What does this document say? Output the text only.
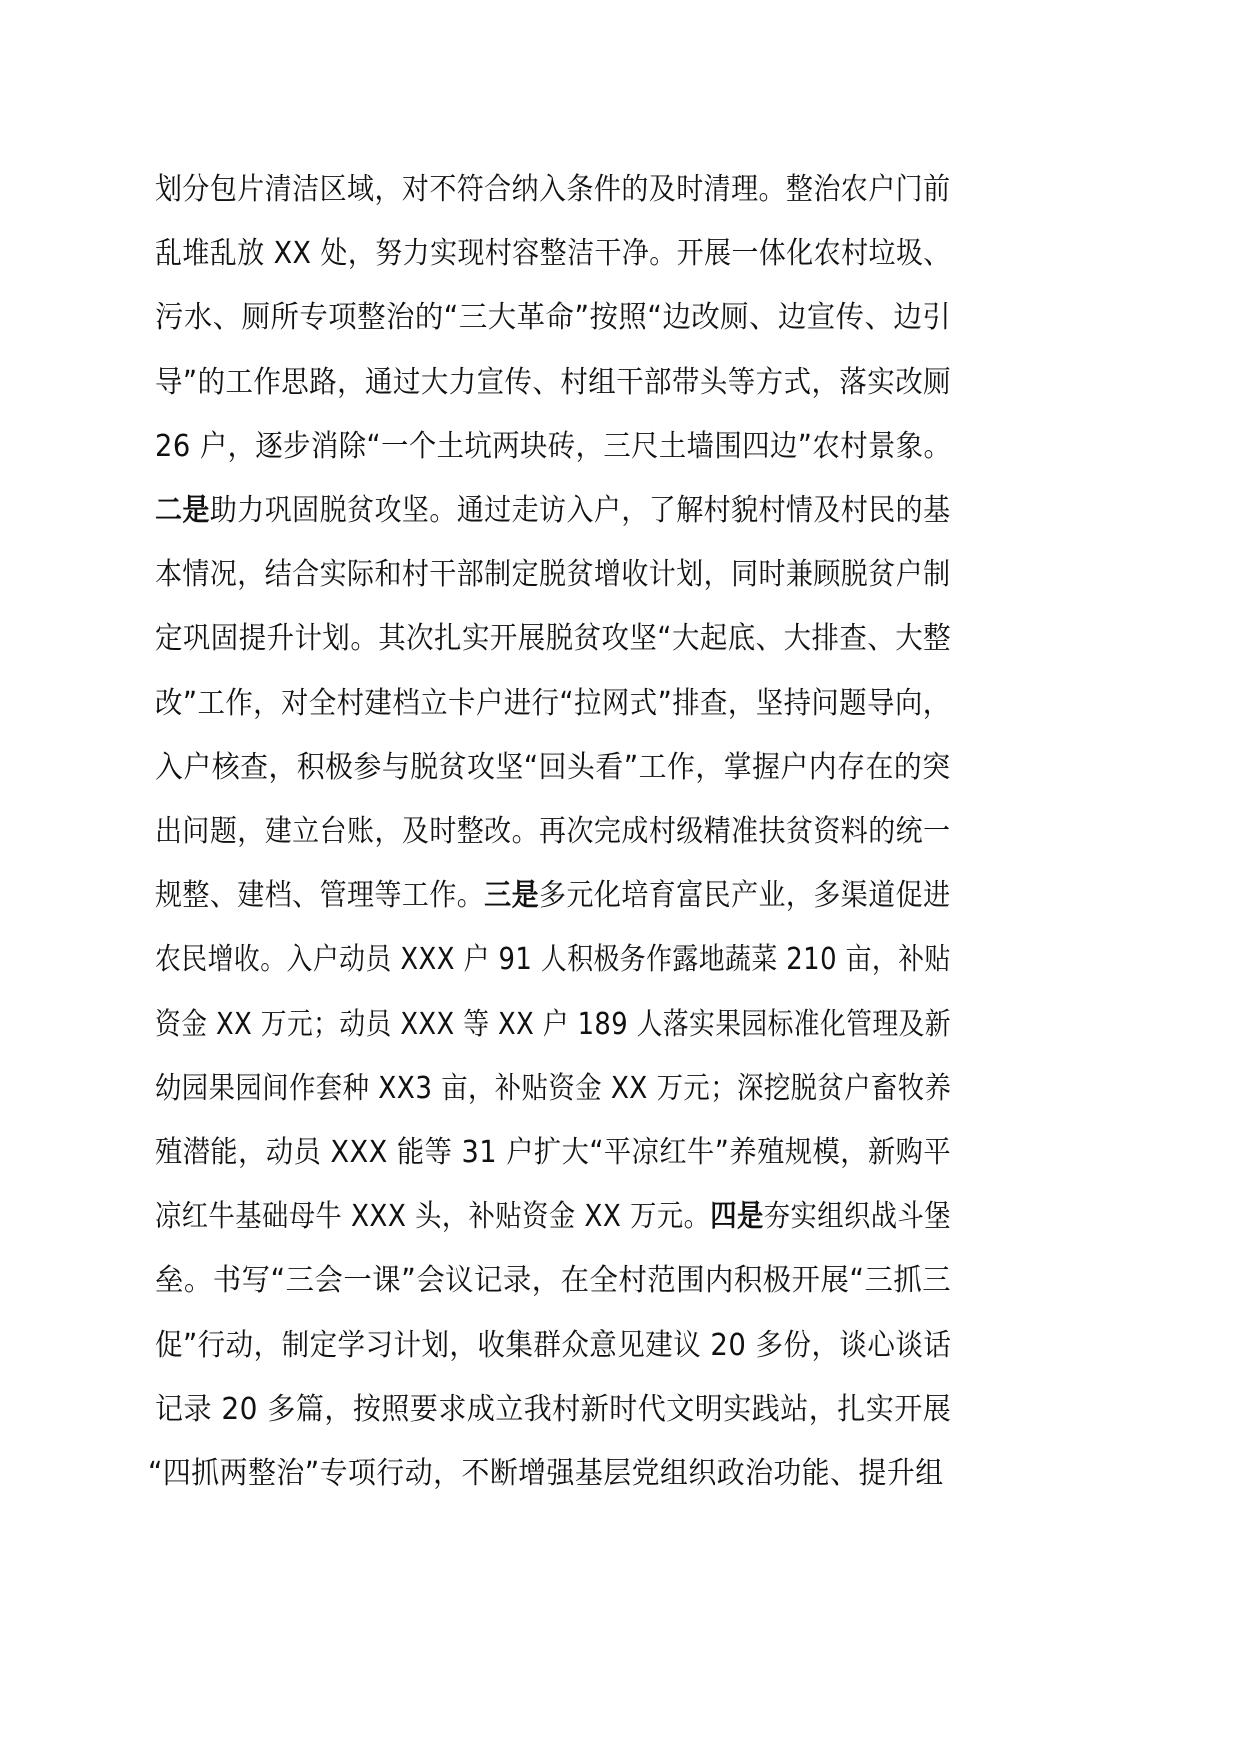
划分包片清洁区域，对不符合纳入条件的及时清理。整治农户门前
乱堆乱放 XX 处，努力实现村容整洁干净。开展一体化农村垃圾、
污水、厕所专项整治的“三大革命”按照“边改厕、边宣传、边引
导”的工作思路，通过大力宣传、村组干部带头等方式，落实改厕
26 户，逐步消除“一个土坑两块砖，三尺土墙围四边”农村景象。
二是助力巩固脱贫攻坚。通过走访入户，了解村貌村情及村民的基
本情况，结合实际和村干部制定脱贫增收计划，同时兼顾脱贫户制
定巩固提升计划。其次扎实开展脱贫攻坚“大起底、大排查、大整
改”工作，对全村建档立卡户进行“拉网式”排查，坚持问题导向，
入户核查，积极参与脱贫攻坚“回头看”工作，掌握户内存在的突
出问题，建立台账，及时整改。再次完成村级精准扶贫资料的统一
规整、建档、管理等工作。三是多元化培育富民产业，多渠道促进
农民增收。入户动员 XXX 户 91 人积极务作露地蔬菜 210 亩，补贴
资金 XX 万元；动员 XXX 等 XX 户 189 人落实果园标准化管理及新
幼园果园间作套种 XX3 亩，补贴资金 XX 万元；深挖脱贫户畜牧养
殖潜能，动员 XXX 能等 31 户扩大“平凉红牛”养殖规模，新购平
凉红牛基础母牛 XXX 头，补贴资金 XX 万元。四是夯实组织战斗堡
垒。书写“三会一课”会议记录，在全村范围内积极开展“三抓三
促”行动，制定学习计划，收集群众意见建议 20 多份，谈心谈话
记录 20 多篇，按照要求成立我村新时代文明实践站，扎实开展
“四抓两整治”专项行动，不断增强基层党组织政治功能、提升组
